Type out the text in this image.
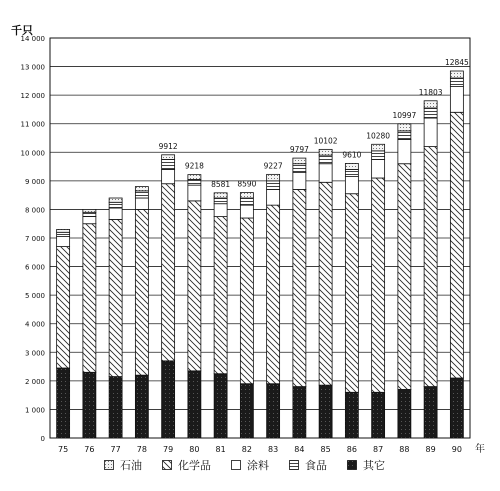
0
1 000
2 000
3 000
4 000
5 000
6 000
7 000
8 000
9 000
10 000
11 000
12 000
13 000
14 000
千只
75 76 77 78 79
9912
80
9218
81
8581
82
8590
83
9227
84
9797
85
10102
86
9610
87
10280
88
10997
89
11803
90
12845
年
石油	化学品	涂料	食品	其它
